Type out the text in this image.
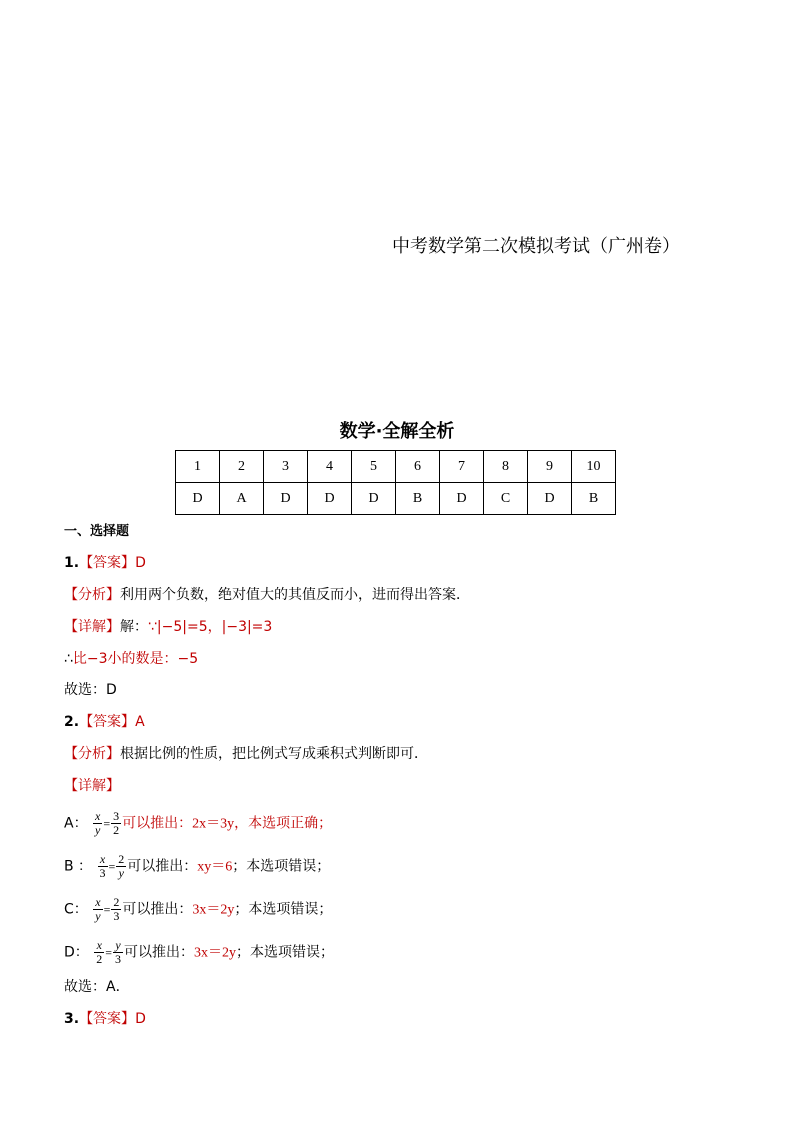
中考数学第二次模拟考试（广州卷）
数学·全解全析
1	2	3	4	5	6	7	8	9	10
D	A	D	D	D	B	D	C	D	B
一、选择题
1.【答案】D
【分析】利用两个负数，绝对值大的其值反而小，进而得出答案．
【详解】解：∵|−5|=5，|−3|=3
∴比−3小的数是：−5
故选：D
2.【答案】A
【分析】根据比例的性质，把比例式写成乘积式判断即可．
【详解】
A： $\frac{x}{y} = \frac{3}{2}$ 可以推出：2x＝3y，本选项正确；
B ： $\frac{x}{3} = \frac{2}{y}$ 可以推出：xy＝6；本选项错误；
C： $\frac{x}{y} = \frac{2}{3}$ 可以推出：3x＝2y；本选项错误；
D： $\frac{x}{2} = \frac{y}{3}$ 可以推出：3x＝2y；本选项错误；
故选：A．
3.【答案】D
